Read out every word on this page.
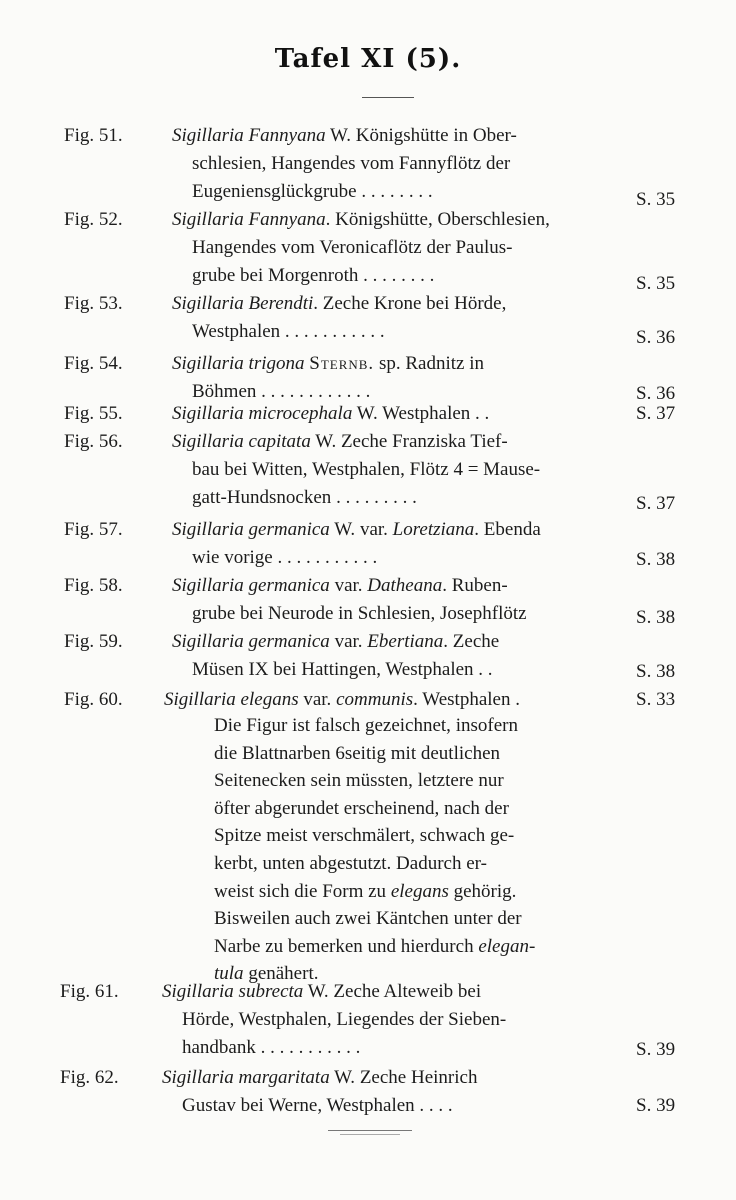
Tafel XI (5).
Fig. 51.	Sigillaria Fannyana W. Königshütte in Ober-
schlesien, Hangendes vom Fannyflötz der
Eugeniensglückgrube . . . . . . . .	S. 35
Fig. 52.	Sigillaria Fannyana. Königshütte, Oberschlesien,
Hangendes vom Veronicaflötz der Paulus-
grube bei Morgenroth . . . . . . . .	S. 35
Fig. 53.	Sigillaria Berendti. Zeche Krone bei Hörde,
Westphalen . . . . . . . . . . .	S. 36
Fig. 54.	Sigillaria trigona Sternb. sp. Radnitz in
Böhmen . . . . . . . . . . . .	S. 36
Fig. 55.	Sigillaria microcephala W. Westphalen . .	S. 37
Fig. 56.	Sigillaria capitata W. Zeche Franziska Tief-
bau bei Witten, Westphalen, Flötz 4 = Mause-
gatt-Hundsnocken . . . . . . . . .	S. 37
Fig. 57.	Sigillaria germanica W. var. Loretziana. Ebenda
wie vorige . . . . . . . . . . .	S. 38
Fig. 58.	Sigillaria germanica var. Datheana. Ruben-
grube bei Neurode in Schlesien, Josephflötz	S. 38
Fig. 59.	Sigillaria germanica var. Ebertiana. Zeche
Müsen IX bei Hattingen, Westphalen . .	S. 38
Fig. 60. Sigillaria elegans var. communis. Westphalen .	S. 33
Die Figur ist falsch gezeichnet, insofern
die Blattnarben 6seitig mit deutlichen
Seitenecken sein müssten, letztere nur
öfter abgerundet erscheinend, nach der
Spitze meist verschmälert, schwach ge-
kerbt, unten abgestutzt. Dadurch er-
weist sich die Form zu elegans gehörig.
Bisweilen auch zwei Käntchen unter der
Narbe zu bemerken und hierdurch elegan-
tula genähert.
Fig. 61. Sigillaria subrecta W. Zeche Alteweib bei
Hörde, Westphalen, Liegendes der Sieben-
handbank . . . . . . . . . . .	S. 39
Fig. 62. Sigillaria margaritata W. Zeche Heinrich
Gustav bei Werne, Westphalen . . . .	S. 39
